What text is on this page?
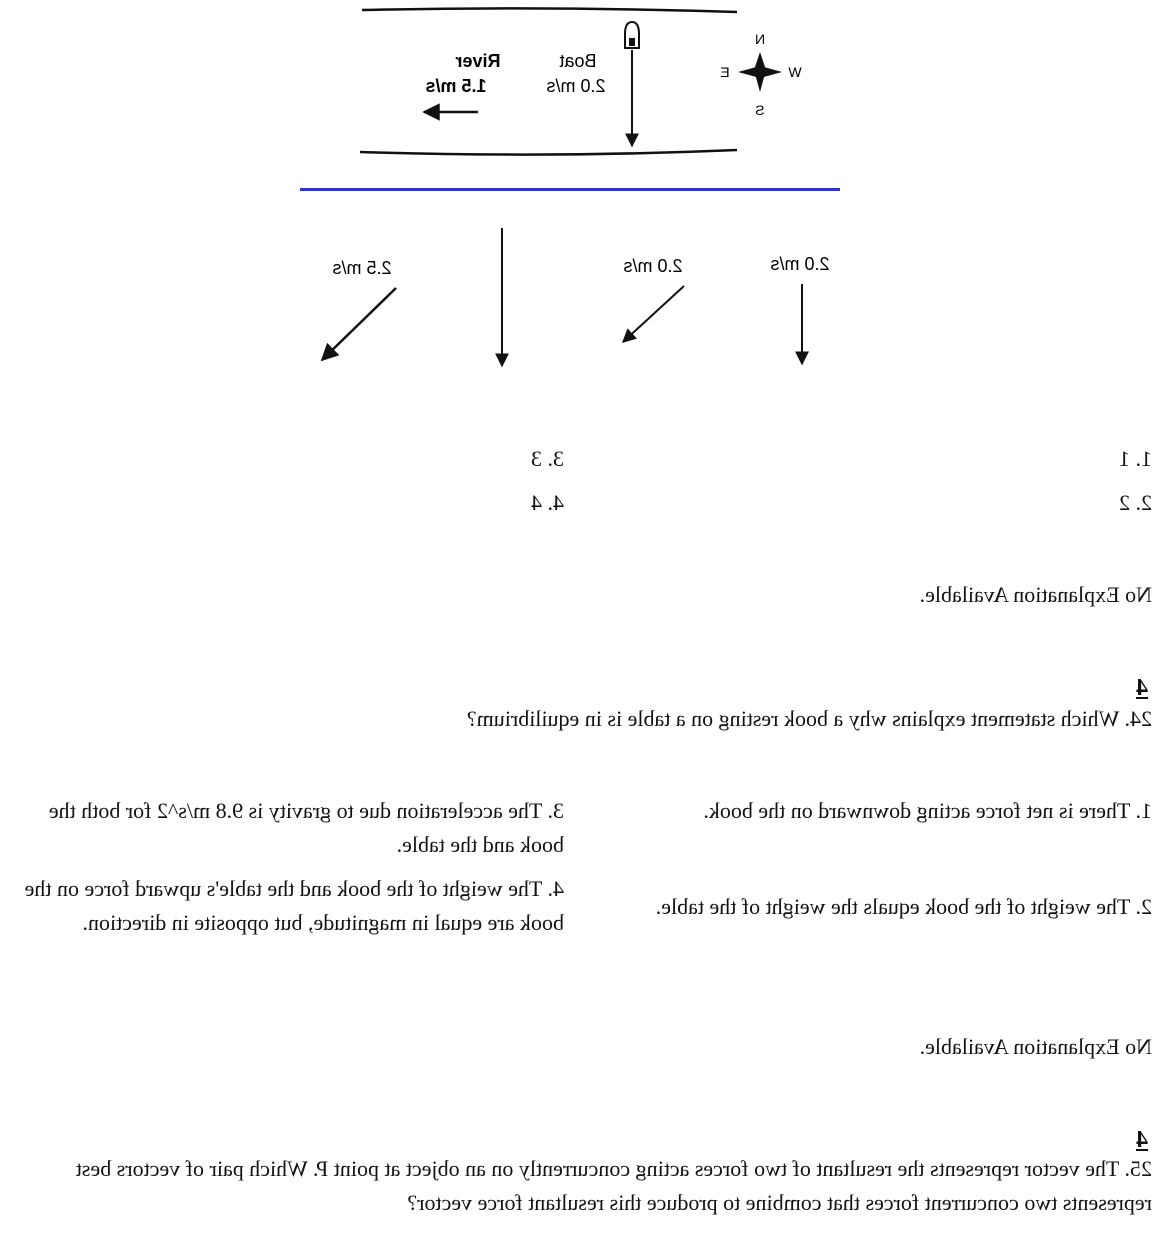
River
1.5 m/s
Boat
2.0 m/s
N
S
E	W
2.0 m/s
2.0 m/s
2.5 m/s
1. 1
2. 2
3. 3
4. 4
No Explanation Available.
4
24. Which statement explains why a book resting on a table is in equilibrium?
1. There is net force acting downward on the book.
2. The weight of the book equals the weight of the table.
3. The acceleration due to gravity is 9.8 m/s^2 for both the book and the table.
4. The weight of the book and the table's upward force on the book are equal in magnitude, but opposite in direction.
No Explanation Available.
4
25. The vector represents the resultant of two forces acting concurrently on an object at point P. Which pair of vectors best represents two concurrent forces that combine to produce this resultant force vector?
